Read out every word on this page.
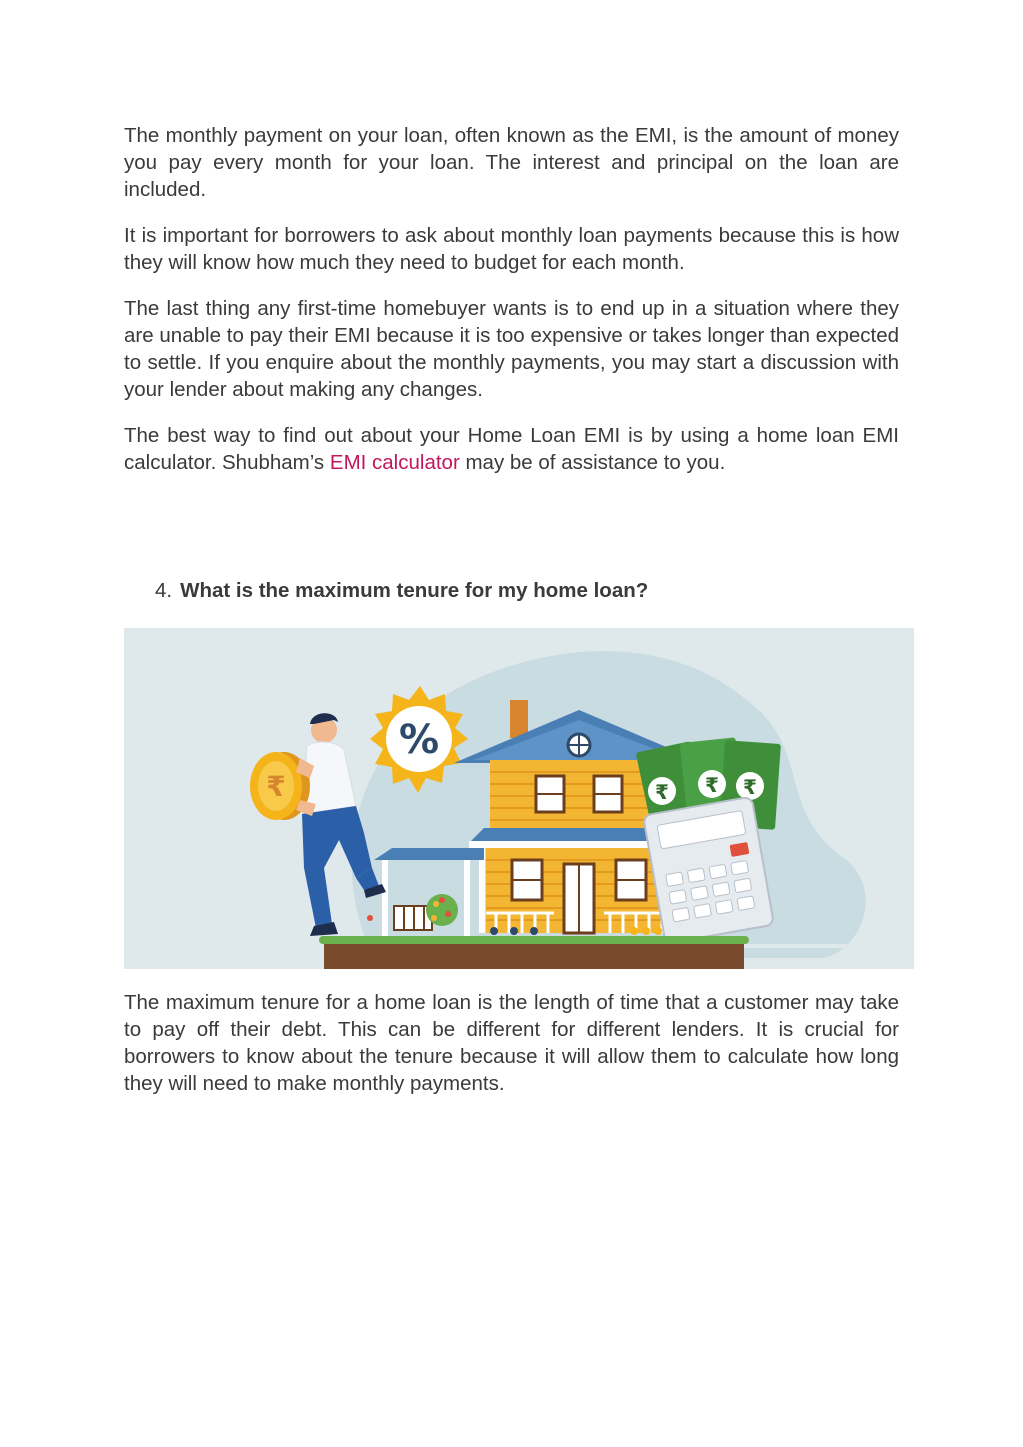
The monthly payment on your loan, often known as the EMI, is the amount of money you pay every month for your loan. The interest and principal on the loan are included.

It is important for borrowers to ask about monthly loan payments because this is how they will know how much they need to budget for each month.

The last thing any first-time homebuyer wants is to end up in a situation where they are unable to pay their EMI because it is too expensive or takes longer than expected to settle. If you enquire about the monthly payments, you may start a discussion with your lender about making any changes.

The best way to find out about your Home Loan EMI is by using a home loan EMI calculator. Shubham’s EMI calculator may be of assistance to you.

4. What is the maximum tenure for my home loan?
%
₹	₹ ₹ ₹

The maximum tenure for a home loan is the length of time that a customer may take to pay off their debt. This can be different for different lenders. It is crucial for borrowers to know about the tenure because it will allow them to calculate how long they will need to make monthly payments.
